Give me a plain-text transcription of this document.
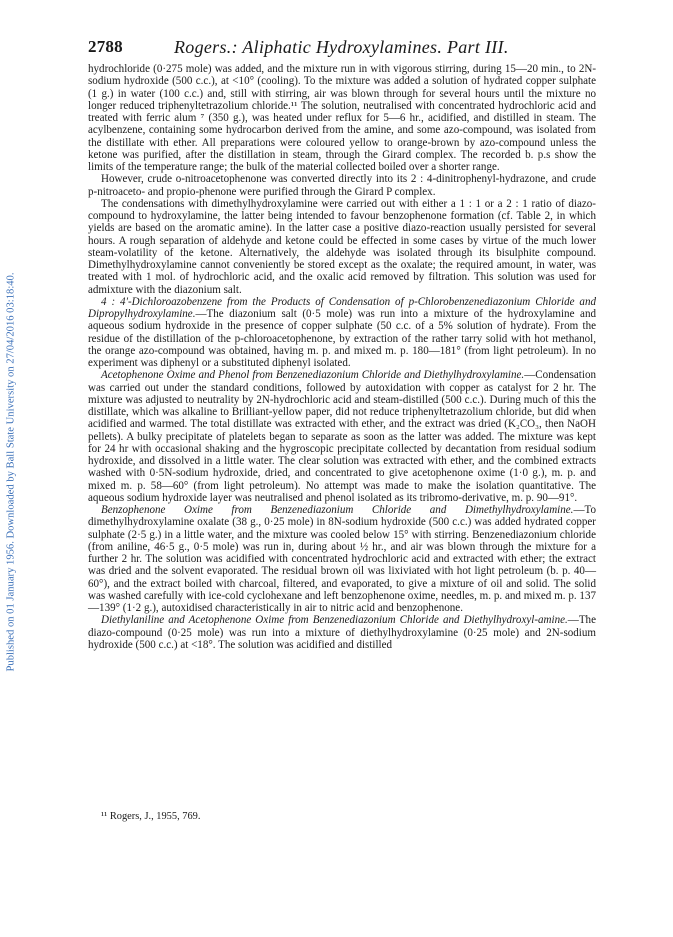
Published on 01 January 1956. Downloaded by Ball State University on 27/04/2016 03:18:40.
2788	Rogers.: Aliphatic Hydroxylamines. Part III.

hydrochloride (0·275 mole) was added, and the mixture run in with vigorous stirring, during 15—20 min., to 2N-sodium hydroxide (500 c.c.), at <10° (cooling). To the mixture was added a solution of hydrated copper sulphate (1 g.) in water (100 c.c.) and, still with stirring, air was blown through for several hours until the mixture no longer reduced triphenyltetrazolium chloride.¹¹ The solution, neutralised with concentrated hydrochloric acid and treated with ferric alum ⁷ (350 g.), was heated under reflux for 5—6 hr., acidified, and distilled in steam. The acylbenzene, containing some hydrocarbon derived from the amine, and some azo-compound, was isolated from the distillate with ether. All preparations were coloured yellow to orange-brown by azo-compound unless the ketone was purified, after the distillation in steam, through the Girard complex. The recorded b. p.s show the limits of the temperature range; the bulk of the material collected boiled over a shorter range.

However, crude o-nitroacetophenone was converted directly into its 2 : 4-dinitrophenyl-hydrazone, and crude p-nitroaceto- and propio-phenone were purified through the Girard P complex.

The condensations with dimethylhydroxylamine were carried out with either a 1 : 1 or a 2 : 1 ratio of diazo-compound to hydroxylamine, the latter being intended to favour benzophenone formation (cf. Table 2, in which yields are based on the aromatic amine). In the latter case a positive diazo-reaction usually persisted for several hours. A rough separation of aldehyde and ketone could be effected in some cases by virtue of the much lower steam-volatility of the ketone. Alternatively, the aldehyde was isolated through its bisulphite compound. Dimethylhydroxylamine cannot conveniently be stored except as the oxalate; the required amount, in water, was treated with 1 mol. of hydrochloric acid, and the oxalic acid removed by filtration. This solution was used for admixture with the diazonium salt.

4 : 4′-Dichloroazobenzene from the Products of Condensation of p-Chlorobenzenediazonium Chloride and Dipropylhydroxylamine.—The diazonium salt (0·5 mole) was run into a mixture of the hydroxylamine and aqueous sodium hydroxide in the presence of copper sulphate (50 c.c. of a 5% solution of hydrate). From the residue of the distillation of the p-chloroacetophenone, by extraction of the rather tarry solid with hot methanol, the orange azo-compound was obtained, having m. p. and mixed m. p. 180—181° (from light petroleum). In no experiment was diphenyl or a substituted diphenyl isolated.

Acetophenone Oxime and Phenol from Benzenediazonium Chloride and Diethylhydroxylamine.—Condensation was carried out under the standard conditions, followed by autoxidation with copper as catalyst for 2 hr. The mixture was adjusted to neutrality by 2N-hydrochloric acid and steam-distilled (500 c.c.). During much of this the distillate, which was alkaline to Brilliant-yellow paper, did not reduce triphenyltetrazolium chloride, but did when acidified and warmed. The total distillate was extracted with ether, and the extract was dried (K₂CO₃, then NaOH pellets). A bulky precipitate of platelets began to separate as soon as the latter was added. The mixture was kept for 24 hr with occasional shaking and the hygroscopic precipitate collected by decantation from residual sodium hydroxide, and dissolved in a little water. The clear solution was extracted with ether, and the combined extracts washed with 0·5N-sodium hydroxide, dried, and concentrated to give acetophenone oxime (1·0 g.), m. p. and mixed m. p. 58—60° (from light petroleum). No attempt was made to make the isolation quantitative. The aqueous sodium hydroxide layer was neutralised and phenol isolated as its tribromo-derivative, m. p. 90—91°.

Benzophenone Oxime from Benzenediazonium Chloride and Dimethylhydroxylamine.—To dimethylhydroxylamine oxalate (38 g., 0·25 mole) in 8N-sodium hydroxide (500 c.c.) was added hydrated copper sulphate (2·5 g.) in a little water, and the mixture was cooled below 15° with stirring. Benzenediazonium chloride (from aniline, 46·5 g., 0·5 mole) was run in, during about ½ hr., and air was blown through the mixture for a further 2 hr. The solution was acidified with concentrated hydrochloric acid and extracted with ether; the extract was dried and the solvent evaporated. The residual brown oil was lixiviated with hot light petroleum (b. p. 40—60°), and the extract boiled with charcoal, filtered, and evaporated, to give a mixture of oil and solid. The solid was washed carefully with ice-cold cyclohexane and left benzophenone oxime, needles, m. p. and mixed m. p. 137—139° (1·2 g.), autoxidised characteristically in air to nitric acid and benzophenone.

Diethylaniline and Acetophenone Oxime from Benzenediazonium Chloride and Diethylhydroxyl-amine.—The diazo-compound (0·25 mole) was run into a mixture of diethylhydroxylamine (0·25 mole) and 2N-sodium hydroxide (500 c.c.) at <18°. The solution was acidified and distilled

¹¹ Rogers, J., 1955, 769.
